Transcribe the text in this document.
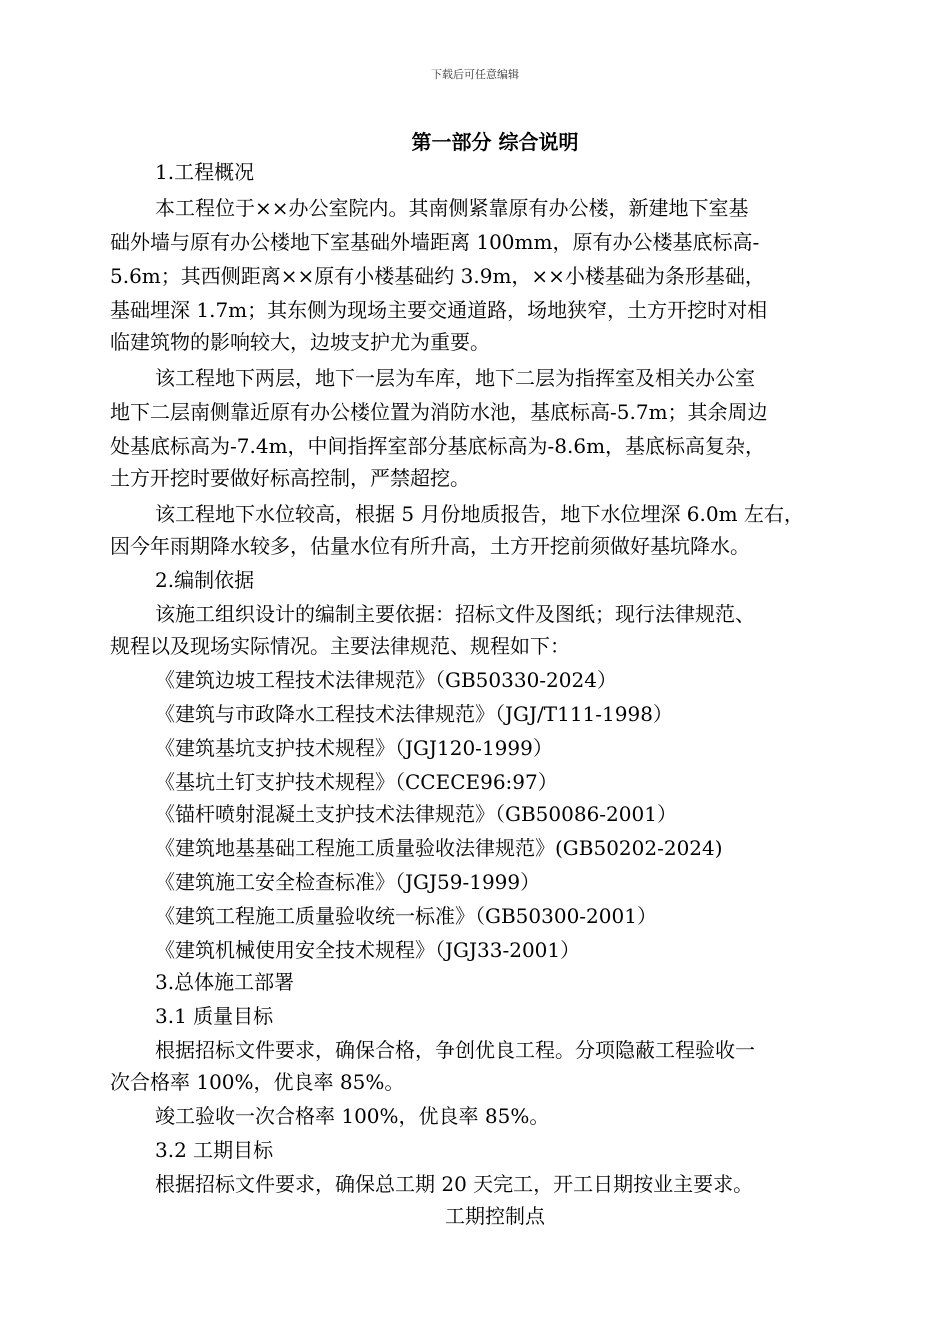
下载后可任意编辑
第一部分 综合说明
1.工程概况
本工程位于××办公室院内。其南侧紧靠原有办公楼，新建地下室基
础外墙与原有办公楼地下室基础外墙距离 100mm，原有办公楼基底标高-
5.6m；其西侧距离××原有小楼基础约 3.9m，××小楼基础为条形基础，
基础埋深 1.7m；其东侧为现场主要交通道路，场地狭窄，土方开挖时对相
临建筑物的影响较大，边坡支护尤为重要。
该工程地下两层，地下一层为车库，地下二层为指挥室及相关办公室
地下二层南侧靠近原有办公楼位置为消防水池，基底标高-5.7m；其余周边
处基底标高为-7.4m，中间指挥室部分基底标高为-8.6m，基底标高复杂，
土方开挖时要做好标高控制，严禁超挖。
该工程地下水位较高，根据 5 月份地质报告，地下水位埋深 6.0m 左右，
因今年雨期降水较多，估量水位有所升高，土方开挖前须做好基坑降水。
2.编制依据
该施工组织设计的编制主要依据：招标文件及图纸；现行法律规范、
规程以及现场实际情况。主要法律规范、规程如下：
《建筑边坡工程技术法律规范》（GB50330-2024）
《建筑与市政降水工程技术法律规范》（JGJ/T111-1998）
《建筑基坑支护技术规程》（JGJ120-1999）
《基坑土钉支护技术规程》（CCECE96:97）
《锚杆喷射混凝土支护技术法律规范》（GB50086-2001）
《建筑地基基础工程施工质量验收法律规范》(GB50202-2024)
《建筑施工安全检查标准》（JGJ59-1999）
《建筑工程施工质量验收统一标准》（GB50300-2001）
《建筑机械使用安全技术规程》（JGJ33-2001）
3.总体施工部署
3.1 质量目标
根据招标文件要求，确保合格，争创优良工程。分项隐蔽工程验收一
次合格率 100%，优良率 85%。
竣工验收一次合格率 100%，优良率 85%。
3.2 工期目标
根据招标文件要求，确保总工期 20 天完工，开工日期按业主要求。
工期控制点
